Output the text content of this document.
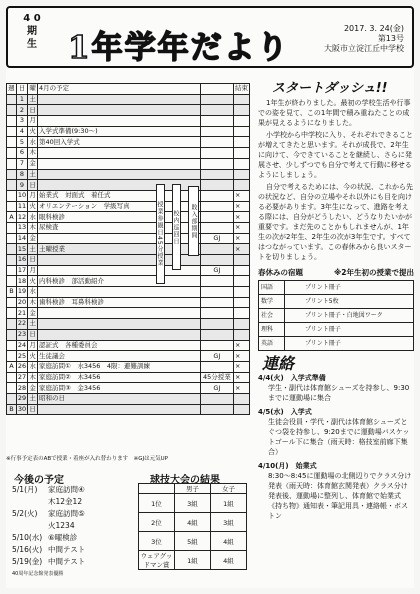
4 0
期
生 1年学年だより
2017. 3. 24(金)
第13号
大阪市立淀江丘中学校
週	日	曜	4月の予定		結束
	1	土			
	2	日			
	3	月			
	4	火	入学式準備(9:30〜)		
	5	水	第40回入学式		
	6	木			
	7	金			
	8	土			
	9	日			
	10	月	始業式　対面式　着任式		×
	11	火	オリエンテーション　学級写真		×
A	12	水	眼科検診		×
	13	木	尿検査		×
	14	金		GJ	×
	15	土	土曜授業		×
	16	日			
	17	月		GJ	
	18	火	内科検診　部活動紹介		
B	19	水			
	20	木	歯科検診　耳鼻科検診		
	21	金			
	22	土			
	23	日			
	24	月	認証式　各種委員会		×
	25	火	生徒議会	GJ	×
A	26	水	家庭訪問①　水3456　4限：避難訓練		×
	27	木	家庭訪問②　木3456	45分授業	×
	28	金	家庭訪問③　金3456	GJ	×
	29	土	昭和の日		
B	30	日			
授業参観日45分授業	校内巡回日	敗入部期間
※行事予定表のABで授業・着座が入れ替わります　※GJは元気UP
今後の予定
5/1(月) 家庭訪問④
木12金12
5/2(火) 家庭訪問⑤
火1234
5/10(水) ⑥曜検診
5/16(火) 中間テスト
5/19(金) 中間テスト
40周年記念館発表優勝
球技大会の結果
	男子	女子
1位	3組	1組
2位	4組	3組
3位	5組	4組
ウェアグッドマン賞	1組	4組
スタートダッシュ!!
1年生が終わりました。最初の学校生活や行事での姿を見て、この1年間で積み重ねたことの成果が見えるようになりました。
小学校から中学校に入り、それぞれできることが増えてきたと思います。それが成長で、2年生に向けて、今できていることを継続し、さらに発展させ、少しずつでも自分で考えて行動に移せるようにしましょう。
自分で考えるためには、今の状況、これから先の状況など、自分の立場やそれ以外にも目を向ける必要があります。3年生になって、進路を考える際には、自分がどうしたい、どうなりたいかが重要です。まだ先のことかもしれませんが、1年生の次が2年生、2年生の次が3年生です。すべてはつながっています。この春休みから良いスタートを切りましょう。
春休みの宿題	※2年生初の授業で提出
国語	プリント冊子
数学	プリント5枚
社会	プリント冊子・白地図ワーク
理科	プリント冊子
英語	プリント冊子
連絡
4/4(火)　入学式準備
学生・副代は体育館シューズを持参し、9:30までに運動場に集合
4/5(水)　入学式
生徒会役員・学代・副代は体育館シューズとぐつ袋を持参し、9:20までに運動場バスケットゴール下に集合（雨天時：格技室前廊下集合）
4/10(月)　始業式
8:30〜8:45に運動場の北側辺りでクラス分け発表（雨天時：体育館玄関発表）クラス分け発表後、運動場に整列し、体育館で始業式　《持ち物》通知表・筆記用具・連絡帳・ボストン
